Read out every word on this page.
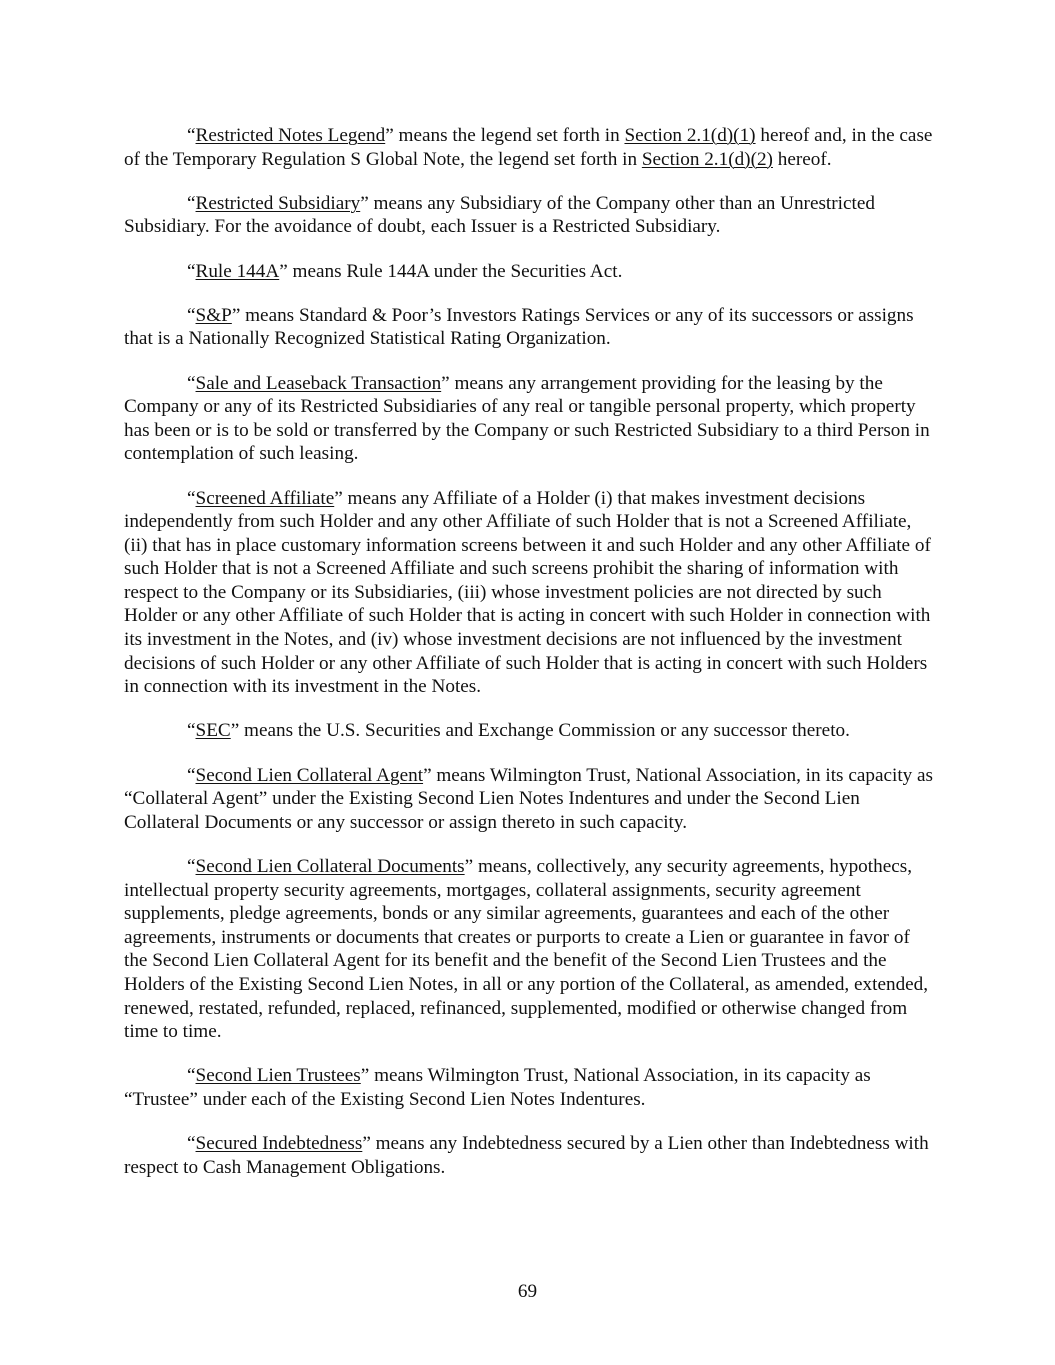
“Restricted Notes Legend” means the legend set forth in Section 2.1(d)(1) hereof and, in the case of the Temporary Regulation S Global Note, the legend set forth in Section 2.1(d)(2) hereof.

“Restricted Subsidiary” means any Subsidiary of the Company other than an Unrestricted Subsidiary. For the avoidance of doubt, each Issuer is a Restricted Subsidiary.

“Rule 144A” means Rule 144A under the Securities Act.

“S&P” means Standard & Poor’s Investors Ratings Services or any of its successors or assigns that is a Nationally Recognized Statistical Rating Organization.

“Sale and Leaseback Transaction” means any arrangement providing for the leasing by the Company or any of its Restricted Subsidiaries of any real or tangible personal property, which property has been or is to be sold or transferred by the Company or such Restricted Subsidiary to a third Person in contemplation of such leasing.

“Screened Affiliate” means any Affiliate of a Holder (i) that makes investment decisions independently from such Holder and any other Affiliate of such Holder that is not a Screened Affiliate, (ii) that has in place customary information screens between it and such Holder and any other Affiliate of such Holder that is not a Screened Affiliate and such screens prohibit the sharing of information with respect to the Company or its Subsidiaries, (iii) whose investment policies are not directed by such Holder or any other Affiliate of such Holder that is acting in concert with such Holder in connection with its investment in the Notes, and (iv) whose investment decisions are not influenced by the investment decisions of such Holder or any other Affiliate of such Holder that is acting in concert with such Holders in connection with its investment in the Notes.

“SEC” means the U.S. Securities and Exchange Commission or any successor thereto.

“Second Lien Collateral Agent” means Wilmington Trust, National Association, in its capacity as “Collateral Agent” under the Existing Second Lien Notes Indentures and under the Second Lien Collateral Documents or any successor or assign thereto in such capacity.

“Second Lien Collateral Documents” means, collectively, any security agreements, hypothecs, intellectual property security agreements, mortgages, collateral assignments, security agreement supplements, pledge agreements, bonds or any similar agreements, guarantees and each of the other agreements, instruments or documents that creates or purports to create a Lien or guarantee in favor of the Second Lien Collateral Agent for its benefit and the benefit of the Second Lien Trustees and the Holders of the Existing Second Lien Notes, in all or any portion of the Collateral, as amended, extended, renewed, restated, refunded, replaced, refinanced, supplemented, modified or otherwise changed from time to time.

“Second Lien Trustees” means Wilmington Trust, National Association, in its capacity as “Trustee” under each of the Existing Second Lien Notes Indentures.

“Secured Indebtedness” means any Indebtedness secured by a Lien other than Indebtedness with respect to Cash Management Obligations.

69
